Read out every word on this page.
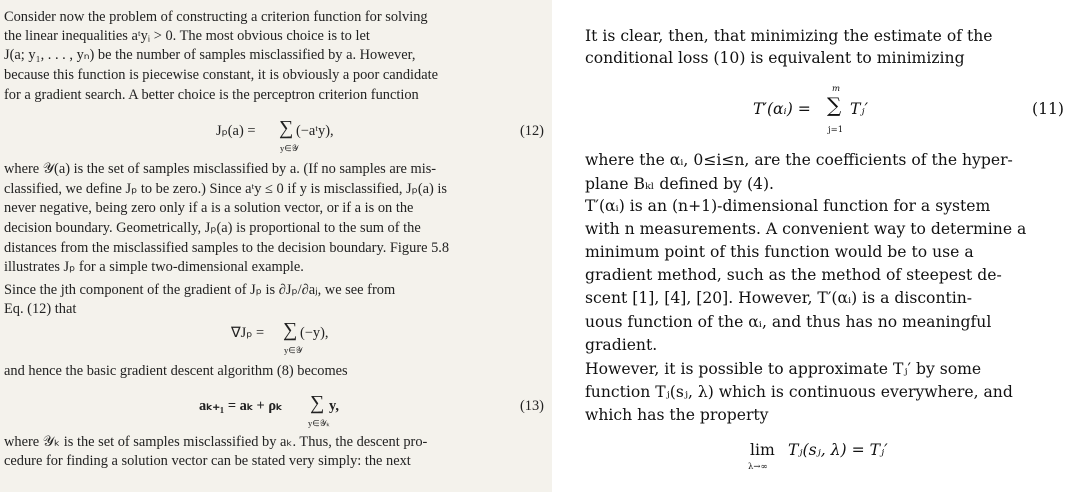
Consider now the problem of constructing a criterion function for solving
the linear inequalities aᵗyᵢ > 0. The most obvious choice is to let
J(a; y₁, . . . , yₙ) be the number of samples misclassified by a. However,
because this function is piecewise constant, it is obviously a poor candidate
for a gradient search. A better choice is the perceptron criterion function
Jₚ(a) = ∑ (−aᵗy),
y∈𝒴
(12)
where 𝒴(a) is the set of samples misclassified by a. (If no samples are mis-
classified, we define Jₚ to be zero.) Since aᵗy ≤ 0 if y is misclassified, Jₚ(a) is
never negative, being zero only if a is a solution vector, or if a is on the
decision boundary. Geometrically, Jₚ(a) is proportional to the sum of the
distances from the misclassified samples to the decision boundary. Figure 5.8
illustrates Jₚ for a simple two-dimensional example.
Since the jth component of the gradient of Jₚ is ∂Jₚ/∂aⱼ, we see from
Eq. (12) that
∇Jₚ = ∑ (−y),
y∈𝒴
and hence the basic gradient descent algorithm (8) becomes
aₖ₊₁ = aₖ + ρₖ ∑ y,
y∈𝒴ₖ
(13)
where 𝒴ₖ is the set of samples misclassified by aₖ. Thus, the descent pro-
cedure for finding a solution vector can be stated very simply: the next
It is clear, then, that minimizing the estimate of the
conditional loss (10) is equivalent to minimizing
T′(αᵢ) =
m
∑ Tⱼ′
j=1
(11)
where the αᵢ, 0≤i≤n, are the coefficients of the hyper-
plane Bₖₗ defined by (4).
T′(αᵢ) is an (n+1)-dimensional function for a system
with n measurements. A convenient way to determine a
minimum point of this function would be to use a
gradient method, such as the method of steepest de-
scent [1], [4], [20]. However, T′(αᵢ) is a discontin-
uous function of the αᵢ, and thus has no meaningful
gradient.
However, it is possible to approximate Tⱼ′ by some
function Tⱼ(sⱼ, λ) which is continuous everywhere, and
which has the property
lim
λ→∞
Tⱼ(sⱼ, λ) = Tⱼ′
